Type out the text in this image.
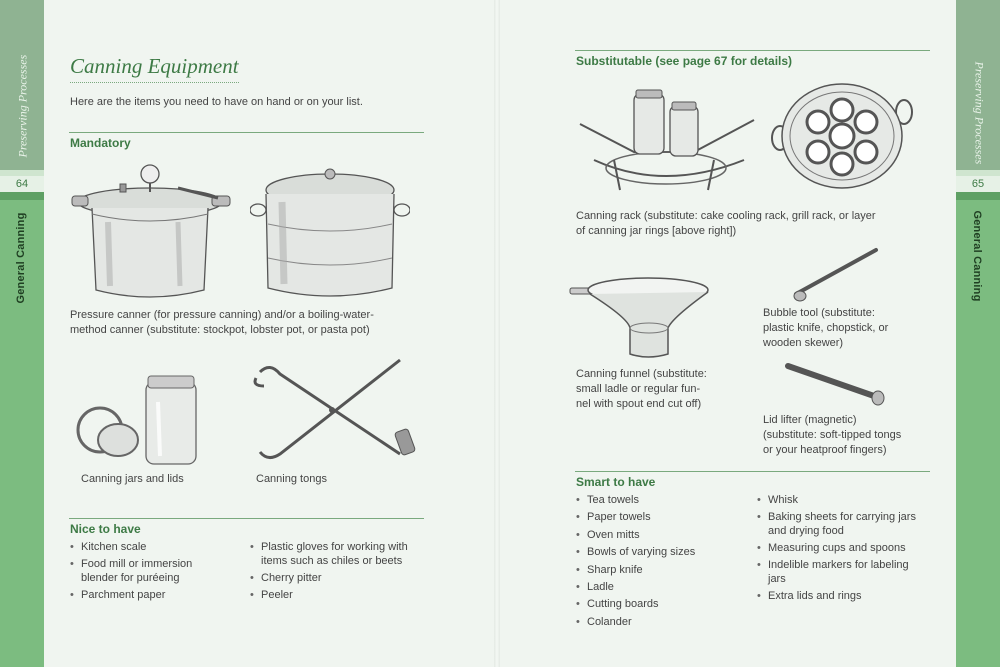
64
Preserving Processes
General Canning
65
Preserving Processes
General Canning
Canning Equipment
Here are the items you need to have on hand or on your list.
Mandatory
Pressure canner (for pressure canning) and/or a boiling-water-
method canner (substitute: stockpot, lobster pot, or pasta pot)
Canning jars and lids	Canning tongs
Nice to have
• Kitchen scale
• Food mill or immersion blender for puréeing
• Parchment paper
• Plastic gloves for working with items such as chiles or beets
• Cherry pitter
• Peeler
Substitutable (see page 67 for details)
Canning rack (substitute: cake cooling rack, grill rack, or layer
of canning jar rings [above right])
Canning funnel (substitute:
small ladle or regular fun-
nel with spout end cut off)
Bubble tool (substitute:
plastic knife, chopstick, or
wooden skewer)
Lid lifter (magnetic)
(substitute: soft-tipped tongs
or your heatproof fingers)
Smart to have
• Tea towels
• Paper towels
• Oven mitts
• Bowls of varying sizes
• Sharp knife
• Ladle
• Cutting boards
• Colander
• Whisk
• Baking sheets for carrying jars and drying food
• Measuring cups and spoons
• Indelible markers for labeling jars
• Extra lids and rings
